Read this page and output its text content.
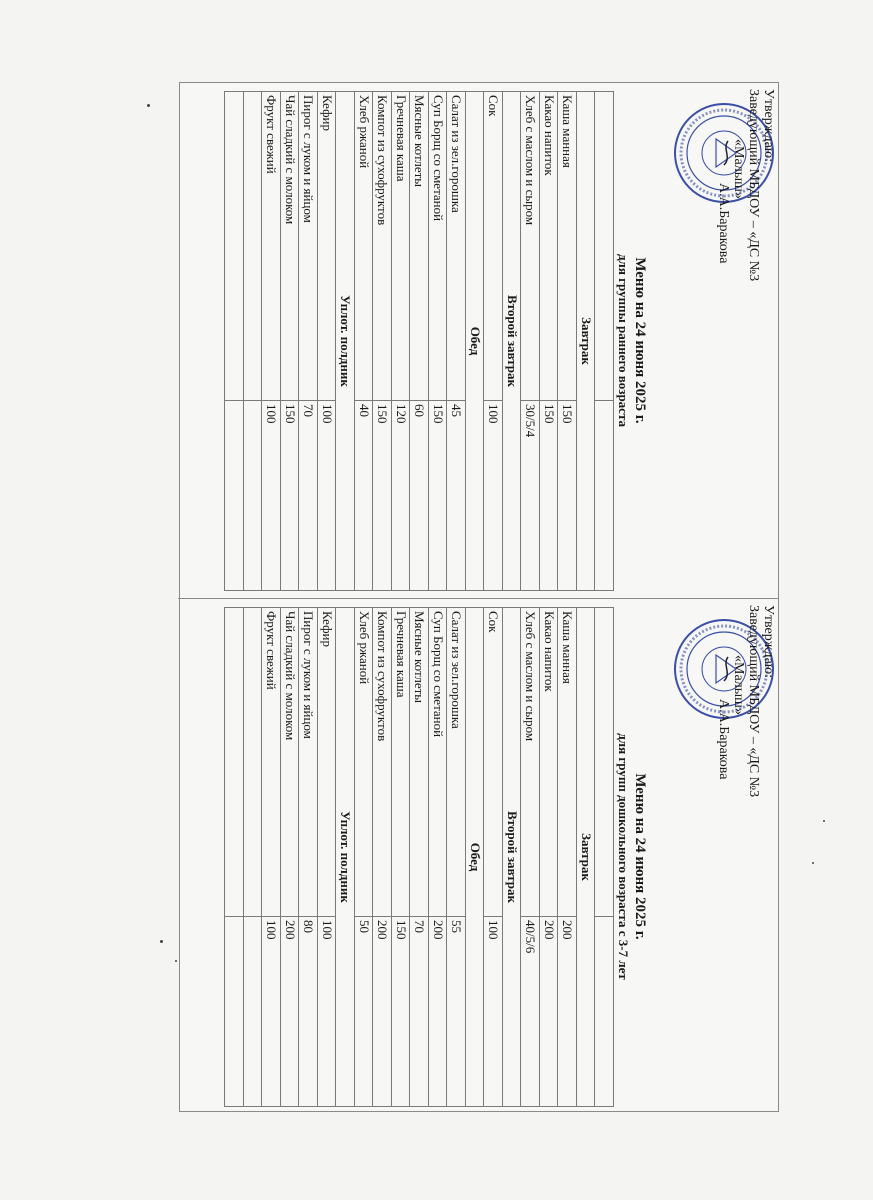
Утверждаю:
Заведующий МБДОУ – «ДС №3
«Малыш»
А.А.Баракова
Меню на 24 июня 2025 г.
для группы раннего возраста

Завтрак	
Каша манная	150
Какао напиток	150
Хлеб с маслом и сыром	30/5/4
Второй завтрак	
Сок	100
Обед	
Салат из зел.горошка	45
Суп Борщ со сметаной	150
Мясные котлеты	60
Гречневая каша	120
Компот из сухофруктов	150
Хлеб ржаной	40
Уплот. полдник	
Кефир	100
Пирог с луком и яйцом	70
Чай сладкий с молоком	150
Фрукт свежий	100

Утверждаю:
Заведующий МБДОУ – «ДС №3
«Малыш»
А.А.Баракова
Меню на 24 июня 2025 г.
для групп дошкольного возраста с 3-7 лет

Завтрак	
Каша манная	200
Какао напиток	200
Хлеб с маслом и сыром	40/5/6
Второй завтрак	
Сок	100
Обед	
Салат из зел.горошка	55
Суп Борщ со сметаной	200
Мясные котлеты	70
Гречневая каша	150
Компот из сухофруктов	200
Хлеб ржаной	50
Уплот. полдник	
Кефир	100
Пирог с луком и яйцом	80
Чай сладкий с молоком	200
Фрукт свежий	100
